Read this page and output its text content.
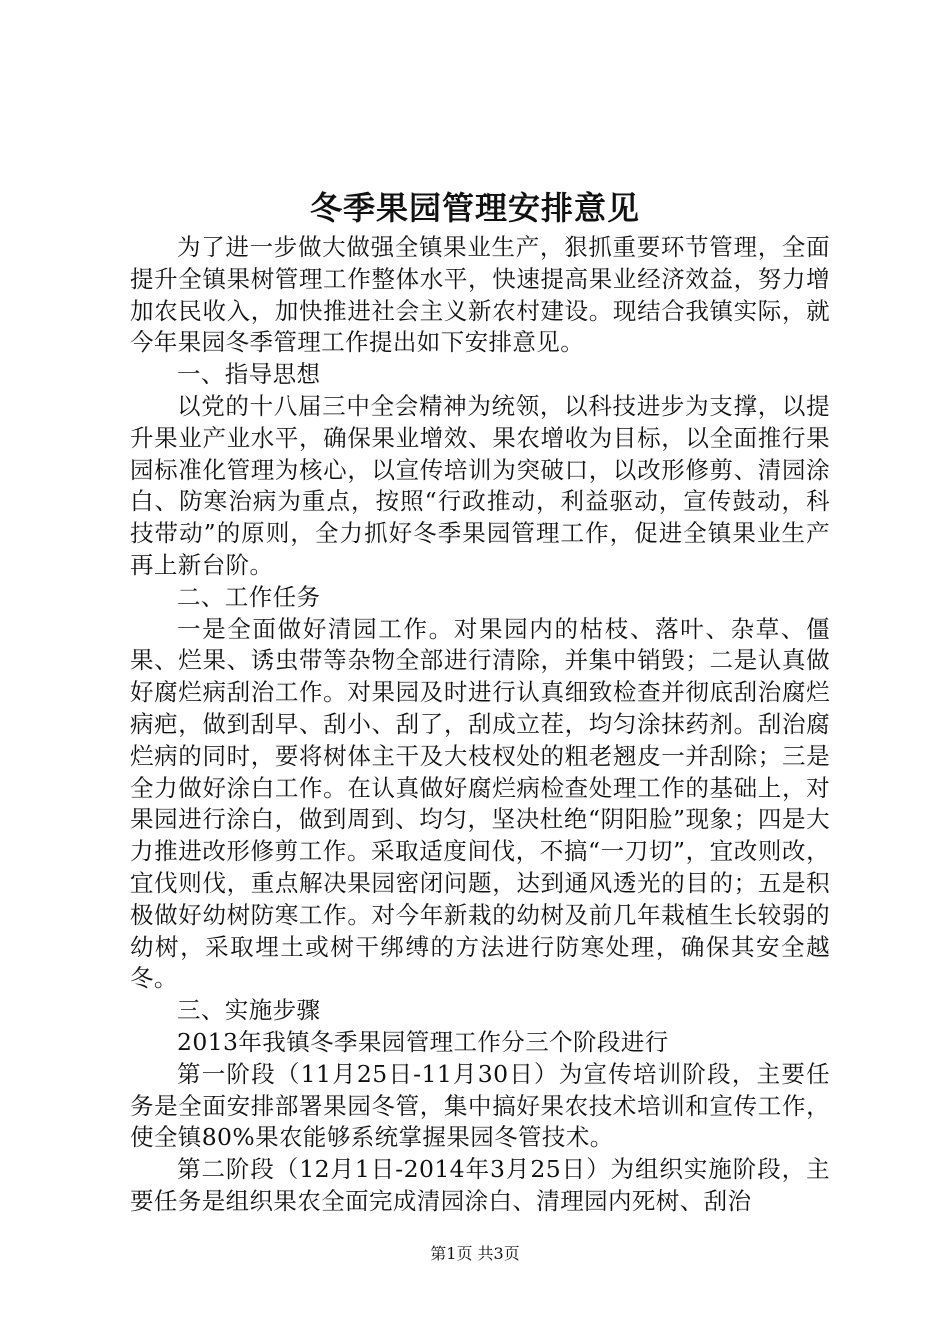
冬季果园管理安排意见

为了进一步做大做强全镇果业生产，狠抓重要环节管理，全面提升全镇果树管理工作整体水平，快速提高果业经济效益，努力增加农民收入，加快推进社会主义新农村建设。现结合我镇实际，就今年果园冬季管理工作提出如下安排意见。

一、指导思想

以党的十八届三中全会精神为统领，以科技进步为支撑，以提升果业产业水平，确保果业增效、果农增收为目标，以全面推行果园标准化管理为核心，以宣传培训为突破口，以改形修剪、清园涂白、防寒治病为重点，按照“行政推动，利益驱动，宣传鼓动，科技带动”的原则，全力抓好冬季果园管理工作，促进全镇果业生产再上新台阶。

二、工作任务

一是全面做好清园工作。对果园内的枯枝、落叶、杂草、僵果、烂果、诱虫带等杂物全部进行清除，并集中销毁；二是认真做好腐烂病刮治工作。对果园及时进行认真细致检查并彻底刮治腐烂病疤，做到刮早、刮小、刮了，刮成立茬，均匀涂抹药剂。刮治腐烂病的同时，要将树体主干及大枝杈处的粗老翘皮一并刮除；三是全力做好涂白工作。在认真做好腐烂病检查处理工作的基础上，对果园进行涂白，做到周到、均匀，坚决杜绝“阴阳脸”现象；四是大力推进改形修剪工作。采取适度间伐，不搞“一刀切”，宜改则改，宜伐则伐，重点解决果园密闭问题，达到通风透光的目的；五是积极做好幼树防寒工作。对今年新栽的幼树及前几年栽植生长较弱的幼树，采取埋土或树干绑缚的方法进行防寒处理，确保其安全越冬。

三、实施步骤

2013年我镇冬季果园管理工作分三个阶段进行

第一阶段（11月25日-11月30日）为宣传培训阶段，主要任务是全面安排部署果园冬管，集中搞好果农技术培训和宣传工作，使全镇80%果农能够系统掌握果园冬管技术。

第二阶段（12月1日-2014年3月25日）为组织实施阶段，主要任务是组织果农全面完成清园涂白、清理园内死树、刮治

第1页 共3页
